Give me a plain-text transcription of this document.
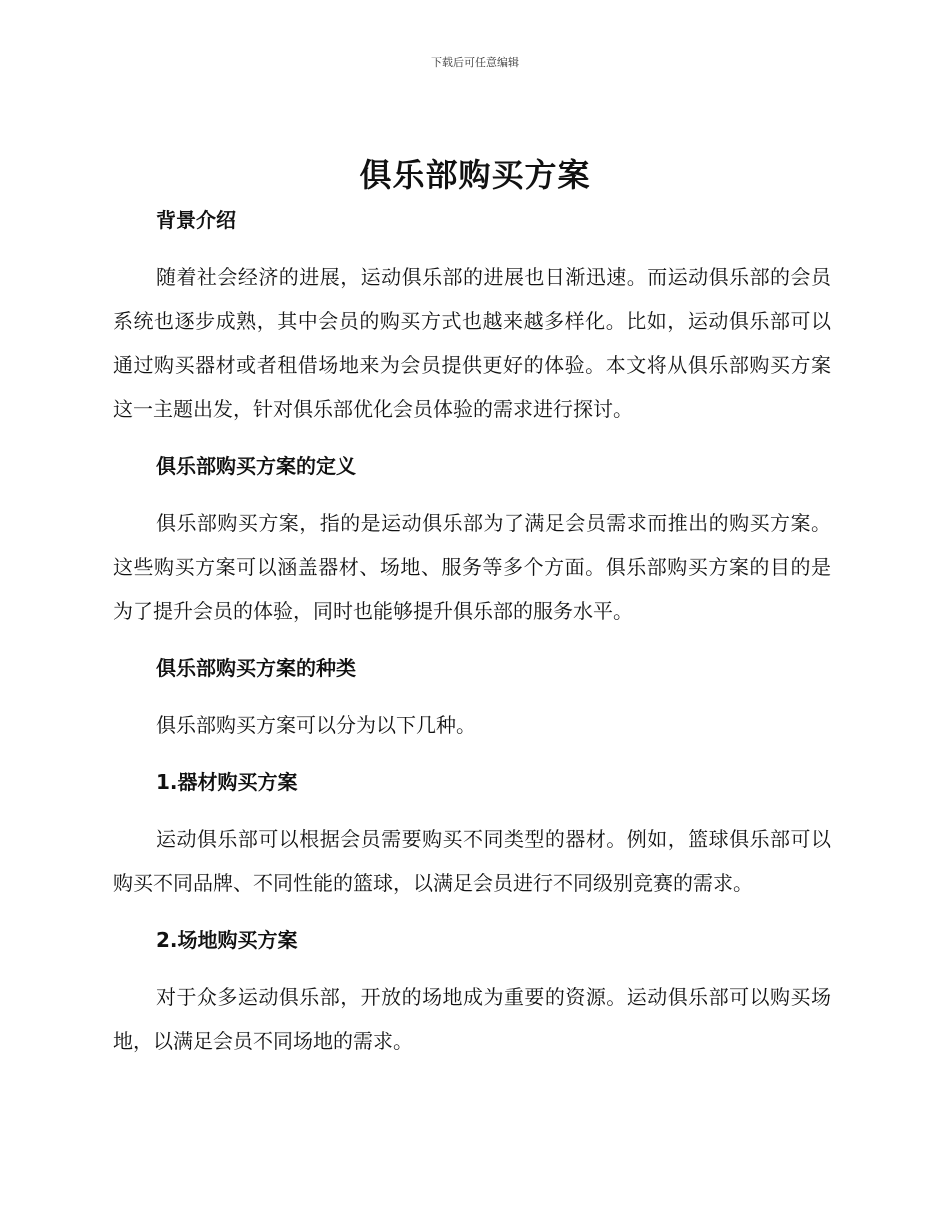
下载后可任意编辑
俱乐部购买方案
背景介绍

随着社会经济的进展，运动俱乐部的进展也日渐迅速。而运动俱乐部的会员系统也逐步成熟，其中会员的购买方式也越来越多样化。比如，运动俱乐部可以通过购买器材或者租借场地来为会员提供更好的体验。本文将从俱乐部购买方案这一主题出发，针对俱乐部优化会员体验的需求进行探讨。

俱乐部购买方案的定义

俱乐部购买方案，指的是运动俱乐部为了满足会员需求而推出的购买方案。这些购买方案可以涵盖器材、场地、服务等多个方面。俱乐部购买方案的目的是为了提升会员的体验，同时也能够提升俱乐部的服务水平。

俱乐部购买方案的种类

俱乐部购买方案可以分为以下几种。

1.器材购买方案

运动俱乐部可以根据会员需要购买不同类型的器材。例如，篮球俱乐部可以购买不同品牌、不同性能的篮球，以满足会员进行不同级别竞赛的需求。

2.场地购买方案

对于众多运动俱乐部，开放的场地成为重要的资源。运动俱乐部可以购买场地，以满足会员不同场地的需求。
